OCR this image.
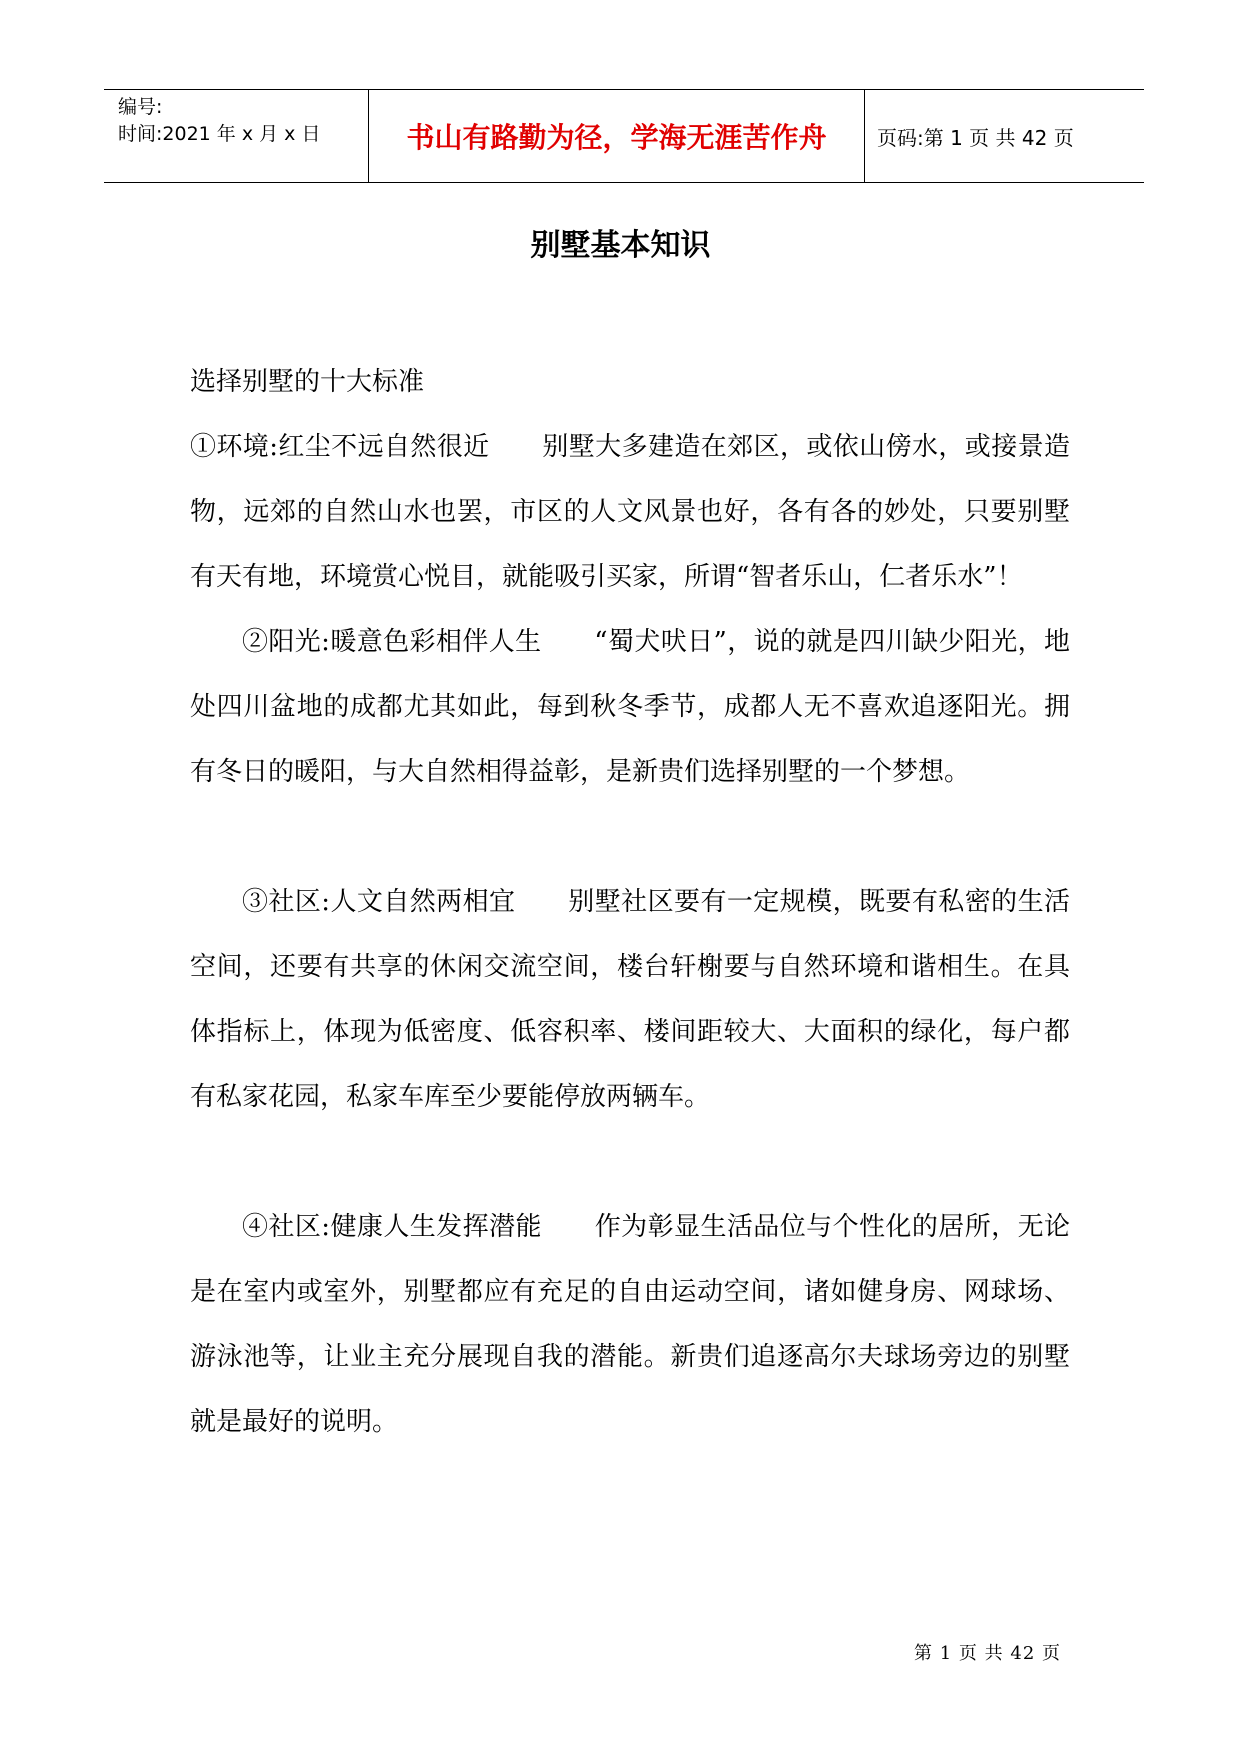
编号:
时间:2021 年 x 月 x 日	书山有路勤为径，学海无涯苦作舟	页码:第 1 页 共 42 页
别墅基本知识

选择别墅的十大标准

①环境:红尘不远自然很近　　别墅大多建造在郊区，或依山傍水，或接景造物，远郊的自然山水也罢，市区的人文风景也好，各有各的妙处，只要别墅有天有地，环境赏心悦目，就能吸引买家，所谓“智者乐山，仁者乐水”！

②阳光:暖意色彩相伴人生　　“蜀犬吠日”，说的就是四川缺少阳光，地处四川盆地的成都尤其如此，每到秋冬季节，成都人无不喜欢追逐阳光。拥有冬日的暖阳，与大自然相得益彰，是新贵们选择别墅的一个梦想。

③社区:人文自然两相宜　　别墅社区要有一定规模，既要有私密的生活空间，还要有共享的休闲交流空间，楼台轩榭要与自然环境和谐相生。在具体指标上，体现为低密度、低容积率、楼间距较大、大面积的绿化，每户都有私家花园，私家车库至少要能停放两辆车。

④社区:健康人生发挥潜能　　作为彰显生活品位与个性化的居所，无论是在室内或室外，别墅都应有充足的自由运动空间，诸如健身房、网球场、游泳池等，让业主充分展现自我的潜能。新贵们追逐高尔夫球场旁边的别墅就是最好的说明。

第 1 页 共 42 页
